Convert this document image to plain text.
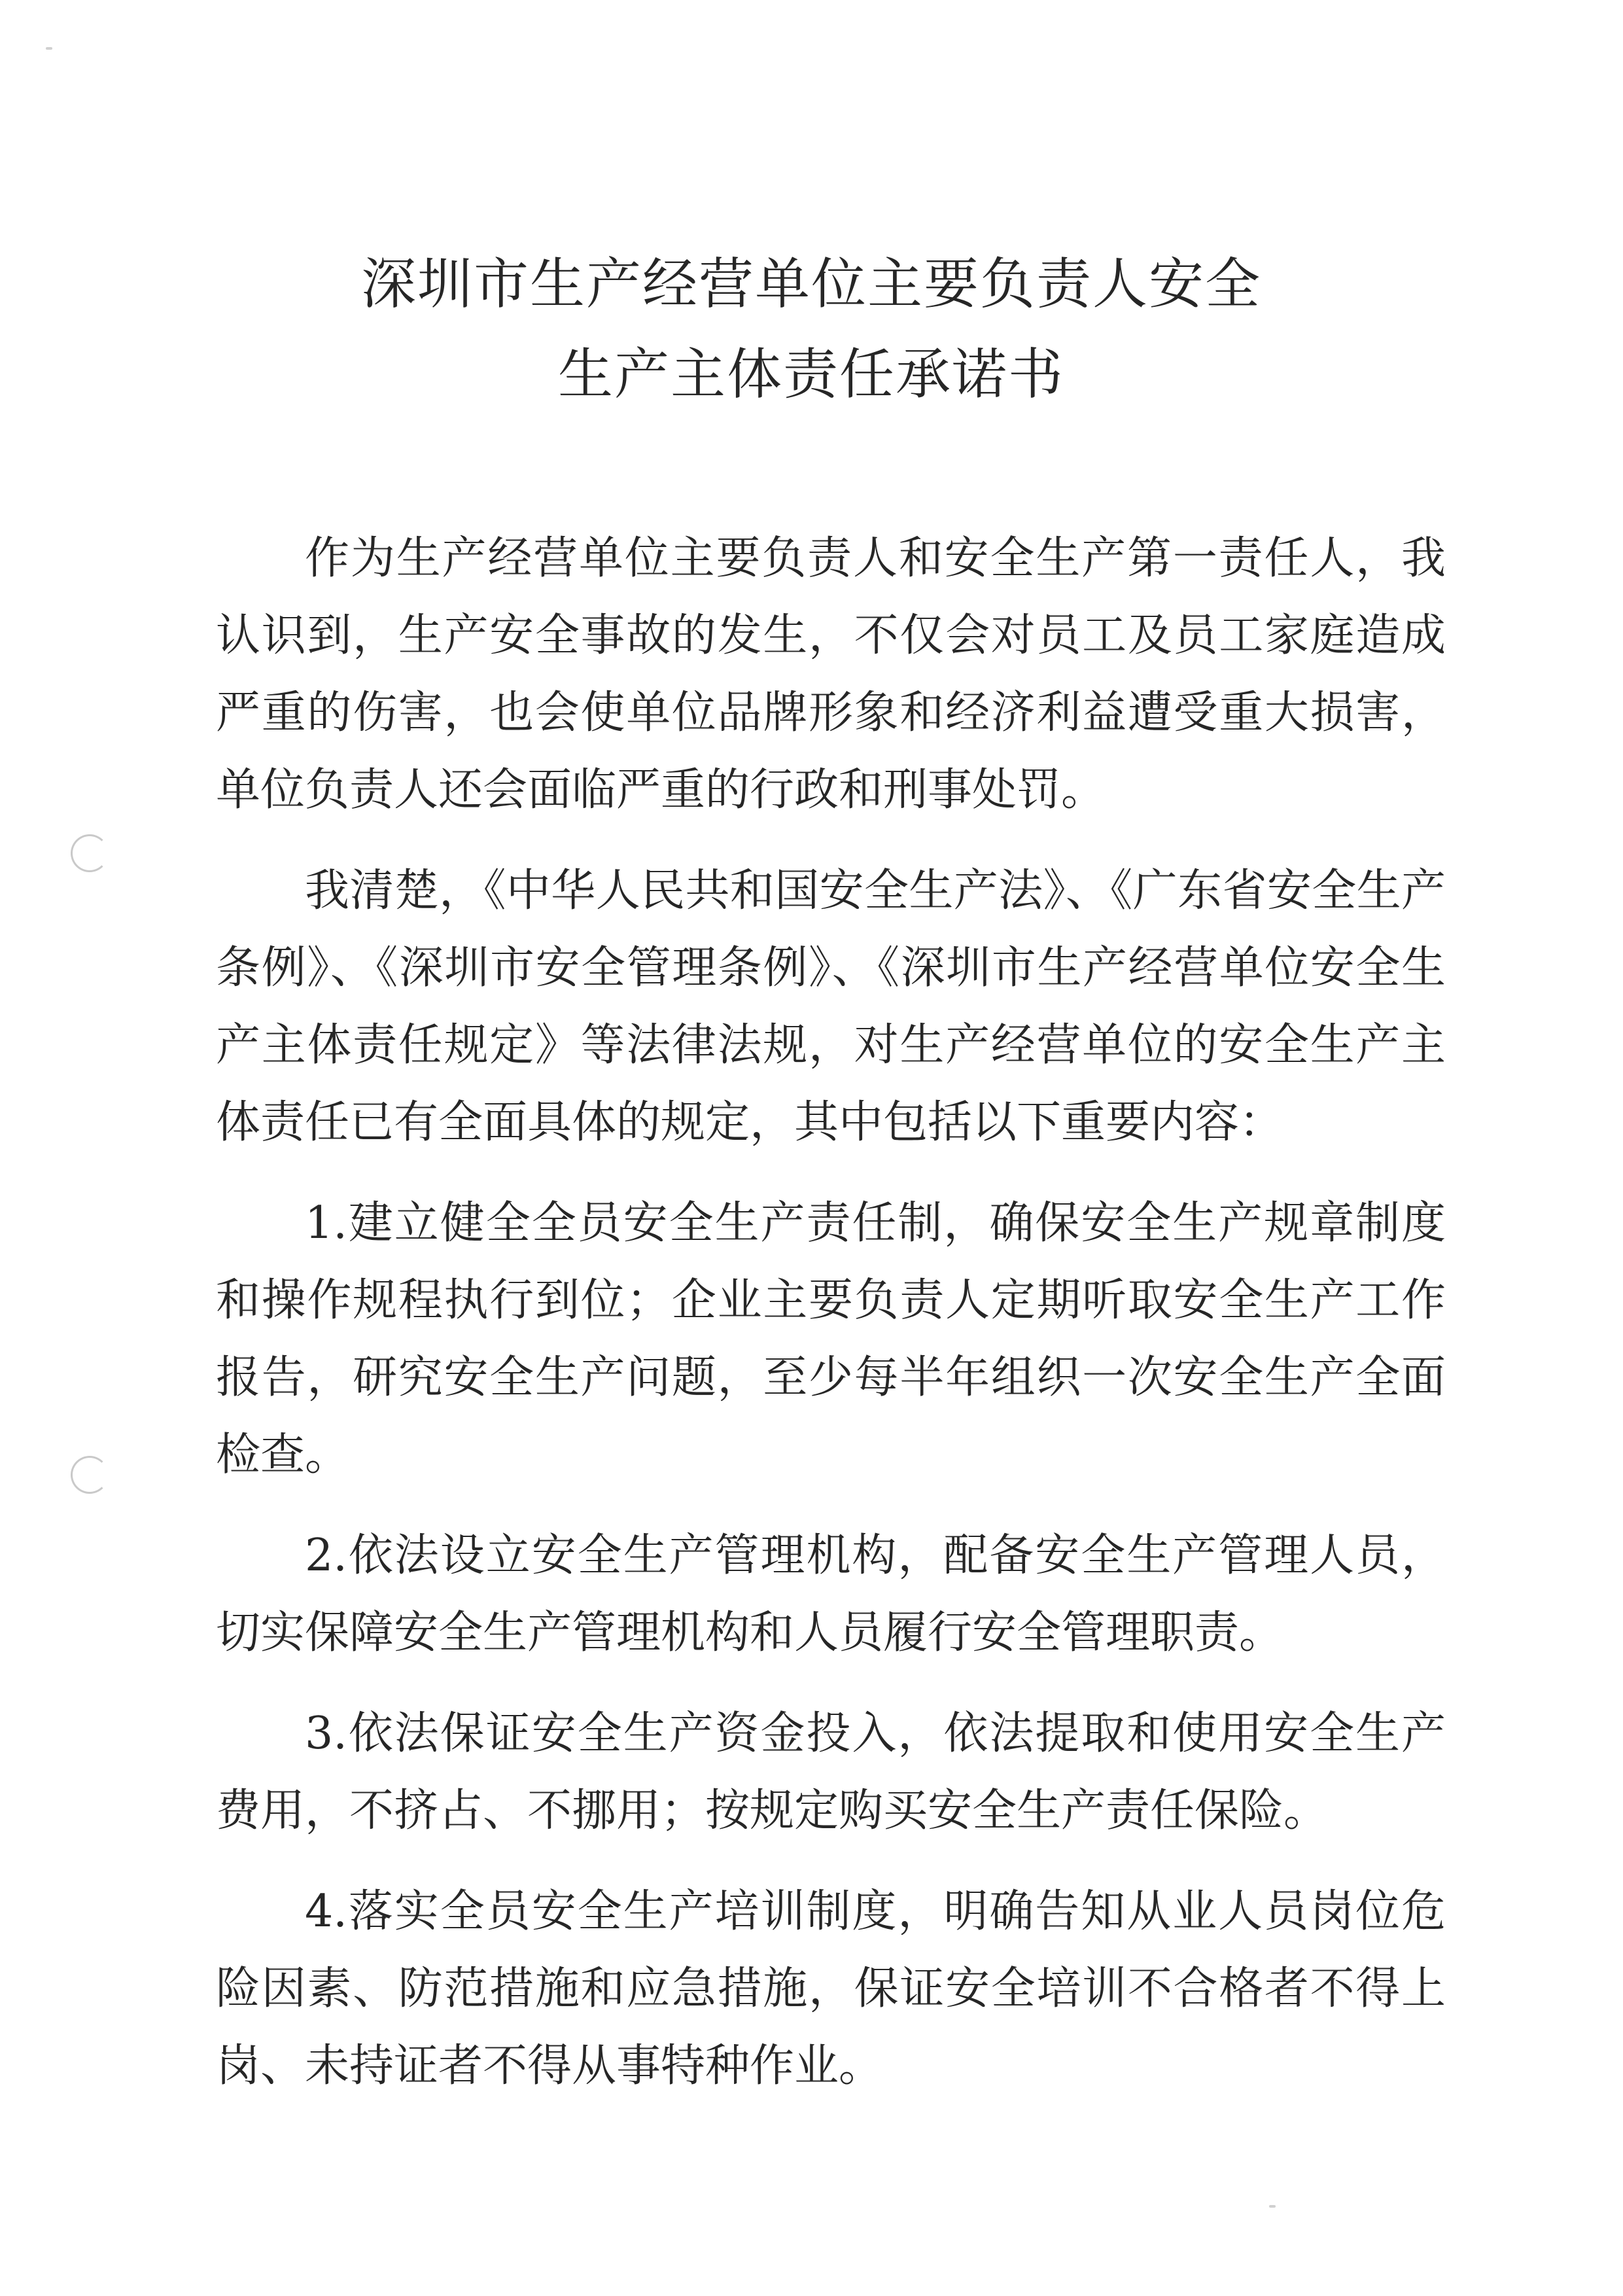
深圳市生产经营单位主要负责人安全
生产主体责任承诺书

作为生产经营单位主要负责人和安全生产第一责任人，我认识到，生产安全事故的发生，不仅会对员工及员工家庭造成严重的伤害，也会使单位品牌形象和经济利益遭受重大损害，单位负责人还会面临严重的行政和刑事处罚。

我清楚，《中华人民共和国安全生产法》、《广东省安全生产条例》、《深圳市安全管理条例》、《深圳市生产经营单位安全生产主体责任规定》等法律法规，对生产经营单位的安全生产主体责任已有全面具体的规定，其中包括以下重要内容：

1.建立健全全员安全生产责任制，确保安全生产规章制度和操作规程执行到位；企业主要负责人定期听取安全生产工作报告，研究安全生产问题，至少每半年组织一次安全生产全面检查。

2.依法设立安全生产管理机构，配备安全生产管理人员，切实保障安全生产管理机构和人员履行安全管理职责。

3.依法保证安全生产资金投入，依法提取和使用安全生产费用，不挤占、不挪用；按规定购买安全生产责任保险。

4.落实全员安全生产培训制度，明确告知从业人员岗位危险因素、防范措施和应急措施，保证安全培训不合格者不得上岗、未持证者不得从事特种作业。
